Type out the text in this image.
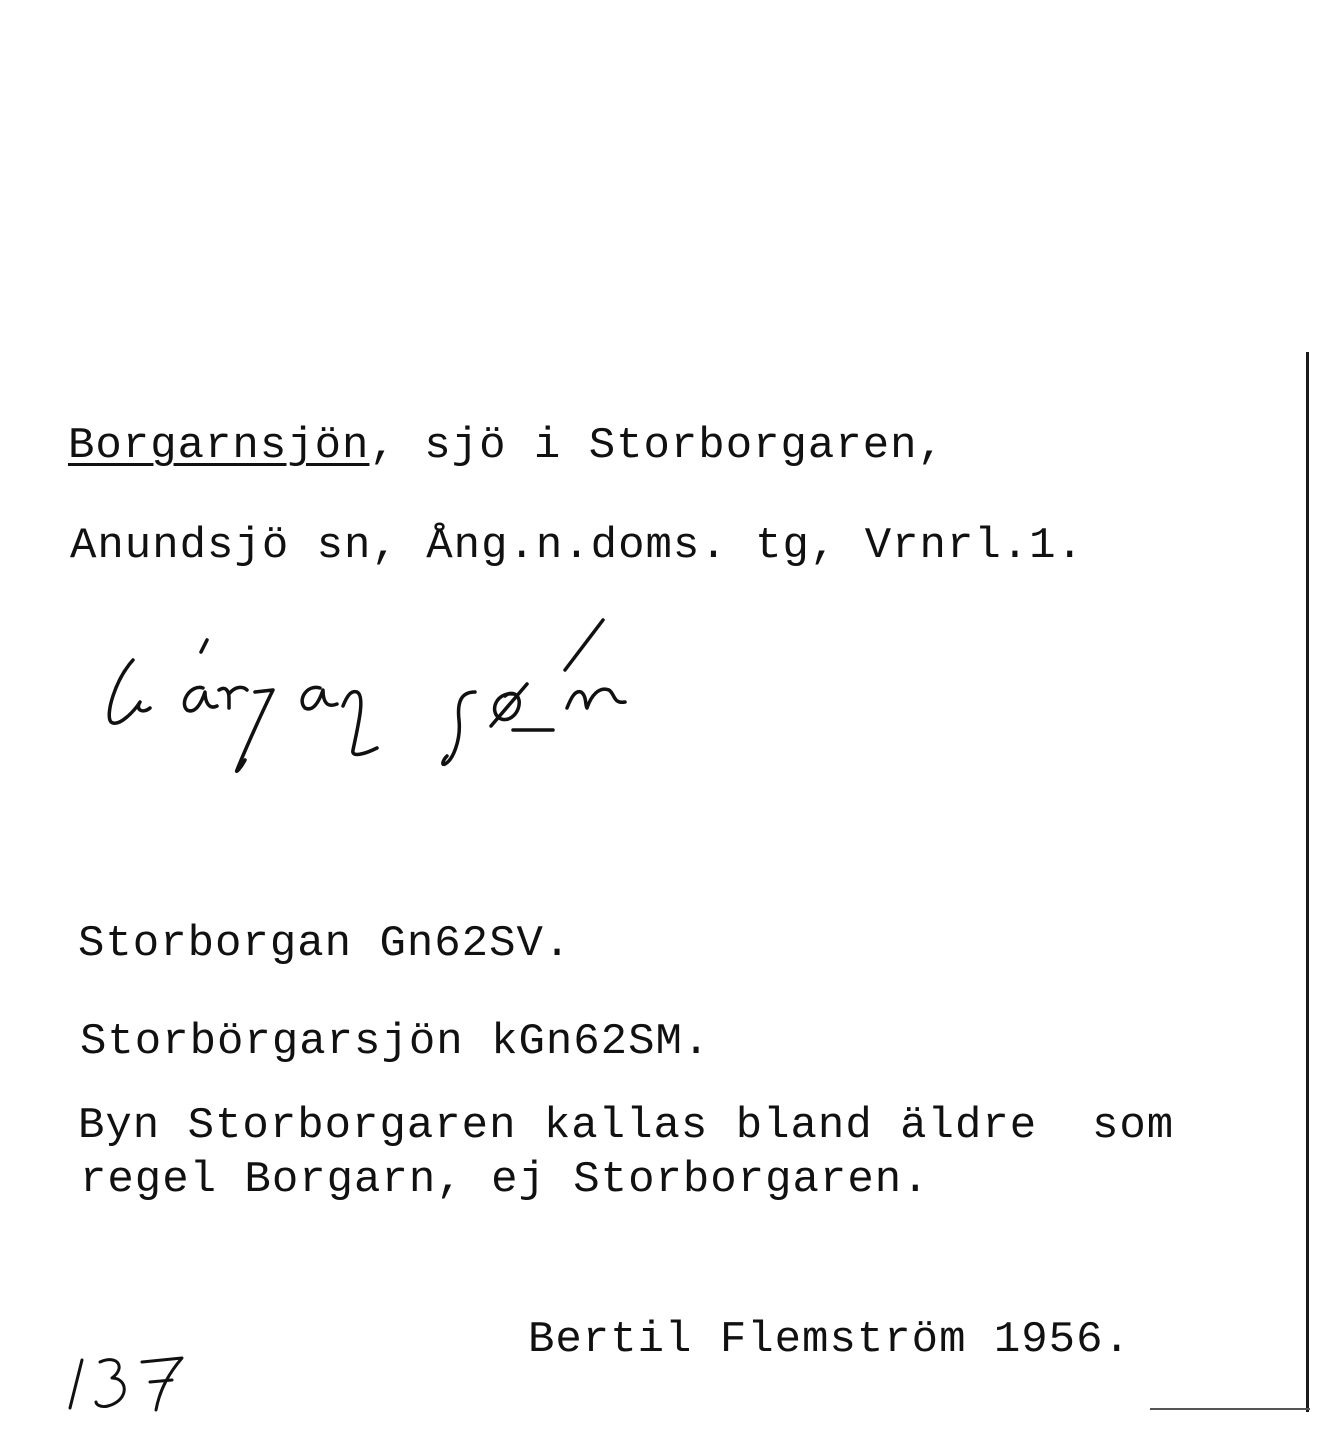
Borgarnsjön, sjö i Storborgaren,
Anundsjö sn, Ång.n.doms. tg, Vrnrl.1.
Storborgan Gn62SV.
Storbörgarsjön kGn62SM.
Byn Storborgaren kallas bland äldre  som
regel Borgarn, ej Storborgaren.
Bertil Flemström 1956.
